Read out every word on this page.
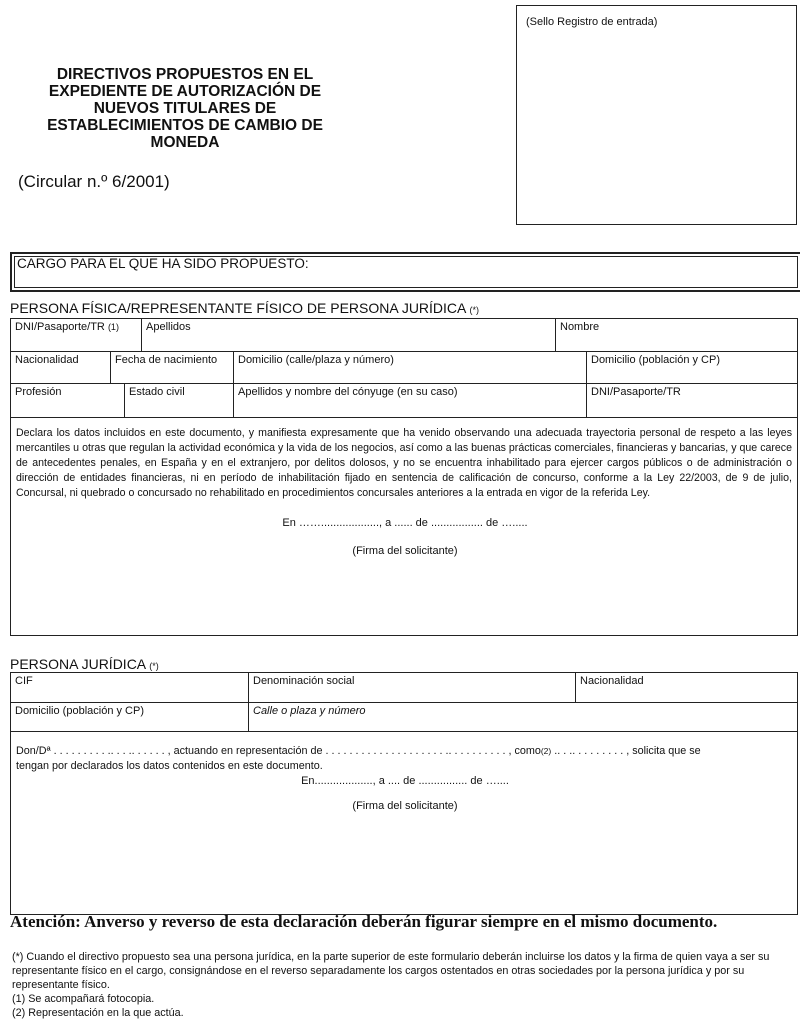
DIRECTIVOS PROPUESTOS EN EL
EXPEDIENTE DE AUTORIZACIÓN DE
NUEVOS TITULARES DE
ESTABLECIMIENTOS DE CAMBIO DE
MONEDA
(Circular n.º 6/2001)
(Sello Registro de entrada)
CARGO PARA EL QUE HA SIDO PROPUESTO:
PERSONA FÍSICA/REPRESENTANTE FÍSICO DE PERSONA JURÍDICA (*)
DNI/Pasaporte/TR (1)	Apellidos	Nombre
Nacionalidad	Fecha de nacimiento	Domicilio (calle/plaza y número)	Domicilio (población y CP)
Profesión	Estado civil	Apellidos y nombre del cónyuge (en su caso)	DNI/Pasaporte/TR
Declara los datos incluidos en este documento, y manifiesta expresamente que ha venido observando una adecuada trayectoria personal de respeto a las leyes mercantiles u otras que regulan la actividad económica y la vida de los negocios, así como a las buenas prácticas comerciales, financieras y bancarias, y que carece de antecedentes penales, en España y en el extranjero, por delitos dolosos, y no se encuentra inhabilitado para ejercer cargos públicos o de administración o dirección de entidades financieras, ni en período de inhabilitación fijado en sentencia de calificación de concurso, conforme a la Ley 22/2003, de 9 de julio, Concursal, ni quebrado o concursado no rehabilitado en procedimientos concursales anteriores a la entrada en vigor de la referida Ley.
En ……..................., a ...... de ................. de ….....
(Firma del solicitante)
PERSONA JURÍDICA (*)
CIF	Denominación social	Nacionalidad
Domicilio (población y CP)	Calle o plaza y número
Don/Dª . . . . . . . . . .. . . .. . . . . . , actuando en representación de . . . . . . . . . . . . . . . . . . . . .. . . . . . . . . . , como(2) .. . .. . . . . . . . . , solicita que se
tengan por declarados los datos contenidos en este documento.
En..................., a .... de ................ de …....
(Firma del solicitante)
Atención: Anverso y reverso de esta declaración deberán figurar siempre en el mismo documento.
(*) Cuando el directivo propuesto sea una persona jurídica, en la parte superior de este formulario deberán incluirse los datos y la firma de quien vaya a ser su representante físico en el cargo, consignándose en el reverso separadamente los cargos ostentados en otras sociedades por la persona jurídica y por su representante físico.
(1) Se acompañará fotocopia.
(2) Representación en la que actúa.
